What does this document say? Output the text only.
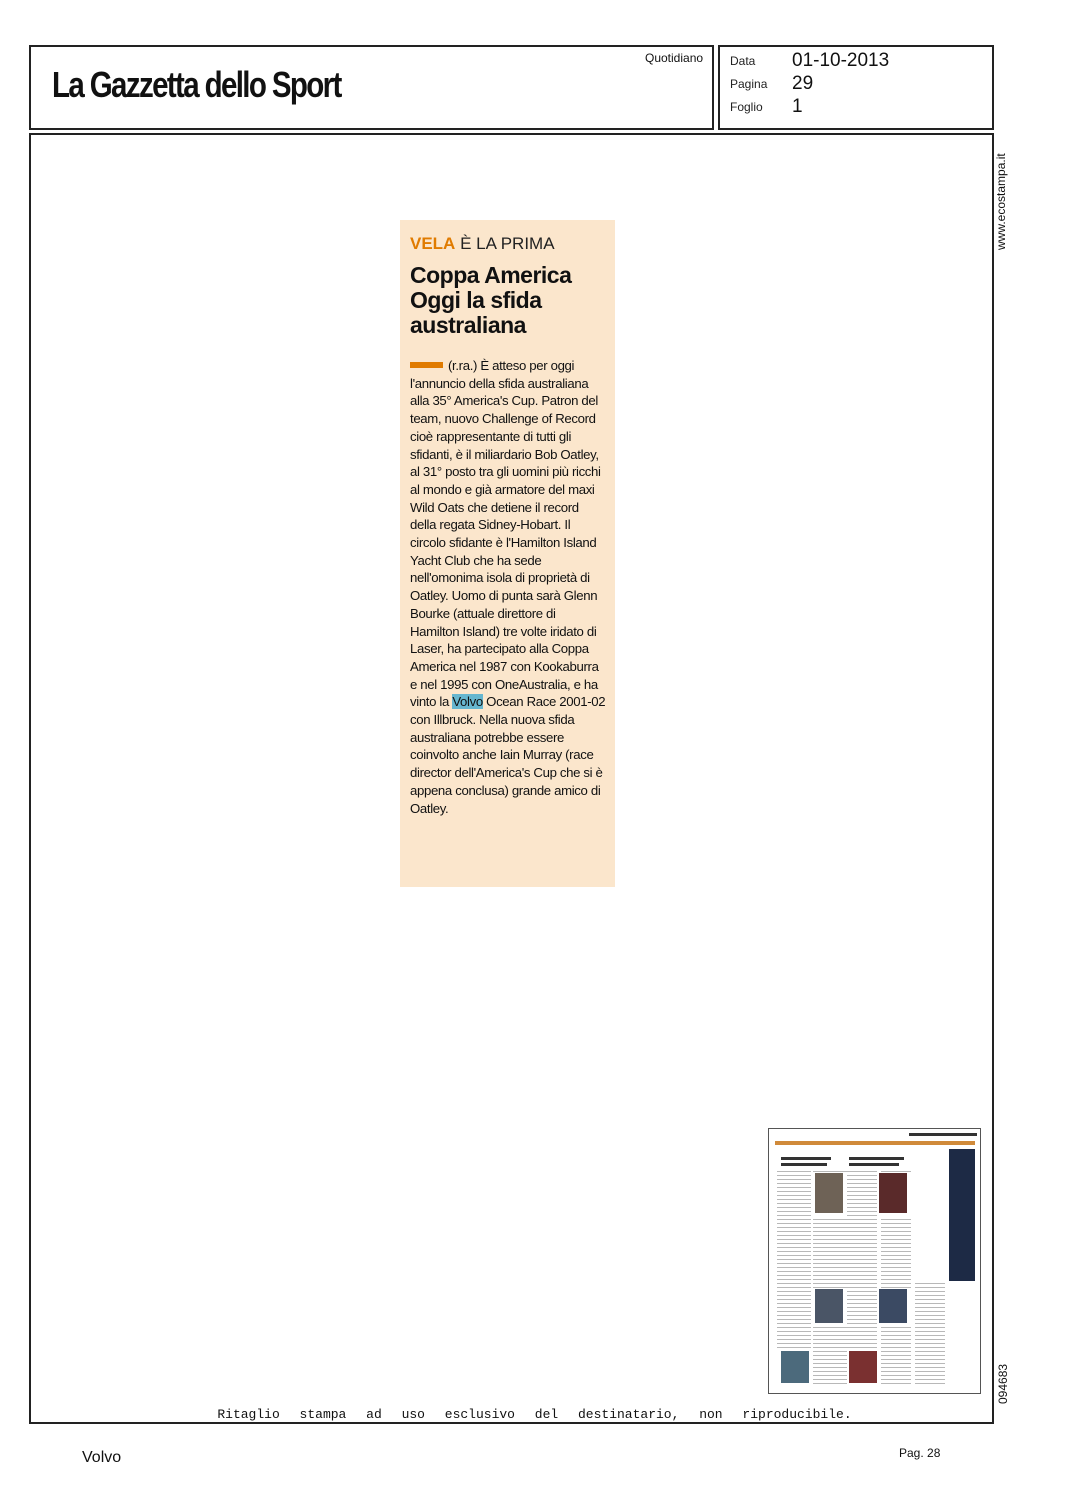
La Gazzetta dello Sport
Quotidiano Data 01-10-2013
Pagina 29
Foglio 1
www.ecostampa.it
094683
VELA È LA PRIMA
Coppa America
Oggi la sfida
australiana
(r.ra.) È atteso per oggi l'annuncio della sfida australiana alla 35° America's Cup. Patron del team, nuovo Challenge of Record cioè rappresentante di tutti gli sfidanti, è il miliardario Bob Oatley, al 31° posto tra gli uomini più ricchi al mondo e già armatore del maxi Wild Oats che detiene il record della regata Sidney-Hobart. Il circolo sfidante è l'Hamilton Island Yacht Club che ha sede nell'omonima isola di proprietà di Oatley. Uomo di punta sarà Glenn Bourke (attuale direttore di Hamilton Island) tre volte iridato di Laser, ha partecipato alla Coppa America nel 1987 con Kookaburra e nel 1995 con OneAustralia, e ha vinto la Volvo Ocean Race 2001-02 con Illbruck. Nella nuova sfida australiana potrebbe essere coinvolto anche Iain Murray (race director dell'America's Cup che si è appena conclusa) grande amico di Oatley.
Ritaglio stampa ad uso esclusivo del destinatario, non riproducibile.
Volvo	Pag. 28
